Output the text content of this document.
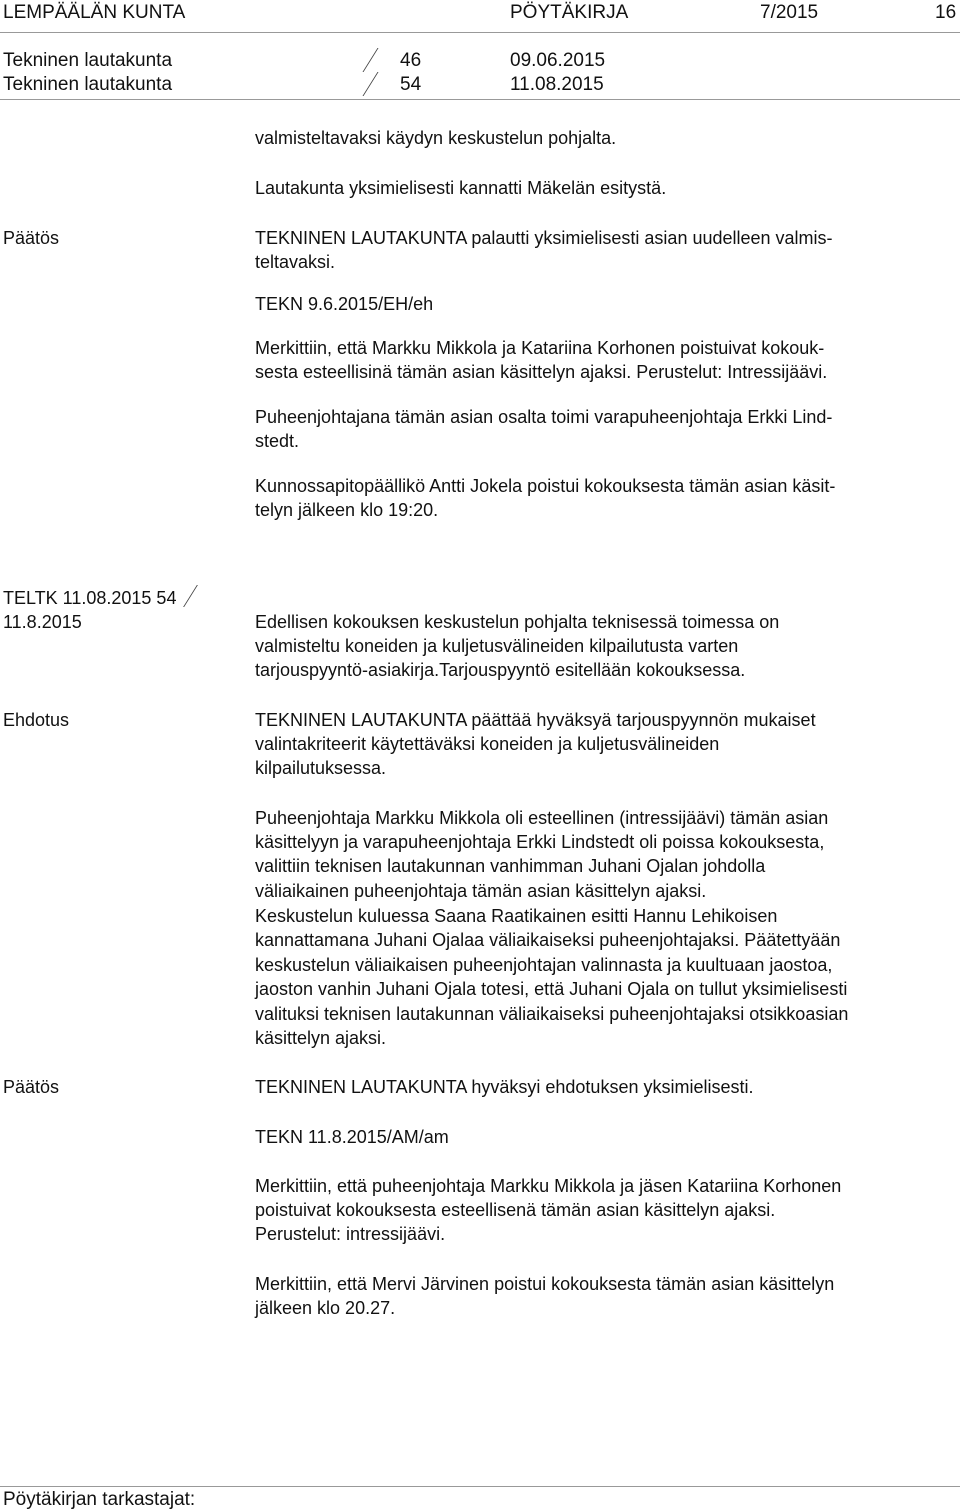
LEMPÄÄLÄN KUNTA	PÖYTÄKIRJA	7/2015	16
Tekninen lautakunta	46	09.06.2015
Tekninen lautakunta	54	11.08.2015
valmisteltavaksi käydyn keskustelun pohjalta.
Lautakunta yksimielisesti kannatti Mäkelän esitystä.
Päätös	TEKNINEN LAUTAKUNTA palautti yksimielisesti asian uudelleen valmis-
teltavaksi.
TEKN 9.6.2015/EH/eh
Merkittiin, että Markku Mikkola ja Katariina Korhonen poistuivat kokouk-
sesta esteellisinä tämän asian käsittelyn ajaksi. Perustelut: Intressijäävi.
Puheenjohtajana tämän asian osalta toimi varapuheenjohtaja Erkki Lind-
stedt.
Kunnossapitopäällikö Antti Jokela poistui kokouksesta tämän asian käsit-
telyn jälkeen klo 19:20.
TELTK 11.08.2015 54
11.8.2015	Edellisen kokouksen keskustelun pohjalta teknisessä toimessa on
valmisteltu koneiden ja kuljetusvälineiden kilpailutusta varten
tarjouspyyntö-asiakirja.Tarjouspyyntö esitellään kokouksessa.
Ehdotus	TEKNINEN LAUTAKUNTA päättää hyväksyä tarjouspyynnön mukaiset
valintakriteerit käytettäväksi koneiden ja kuljetusvälineiden
kilpailutuksessa.
Puheenjohtaja Markku Mikkola oli esteellinen (intressijäävi) tämän asian
käsittelyyn ja varapuheenjohtaja Erkki Lindstedt oli poissa kokouksesta,
valittiin teknisen lautakunnan vanhimman Juhani Ojalan johdolla
väliaikainen puheenjohtaja tämän asian käsittelyn ajaksi.
Keskustelun kuluessa Saana Raatikainen esitti Hannu Lehikoisen
kannattamana Juhani Ojalaa väliaikaiseksi puheenjohtajaksi. Päätettyään
keskustelun väliaikaisen puheenjohtajan valinnasta ja kuultuaan jaostoa,
jaoston vanhin Juhani Ojala totesi, että Juhani Ojala on tullut yksimielisesti
valituksi teknisen lautakunnan väliaikaiseksi puheenjohtajaksi otsikkoasian
käsittelyn ajaksi.
Päätös	TEKNINEN LAUTAKUNTA hyväksyi ehdotuksen yksimielisesti.
TEKN 11.8.2015/AM/am
Merkittiin, että puheenjohtaja Markku Mikkola ja jäsen Katariina Korhonen
poistuivat kokouksesta esteellisenä tämän asian käsittelyn ajaksi.
Perustelut: intressijäävi.
Merkittiin, että Mervi Järvinen poistui kokouksesta tämän asian käsittelyn
jälkeen klo 20.27.
Pöytäkirjan tarkastajat:
